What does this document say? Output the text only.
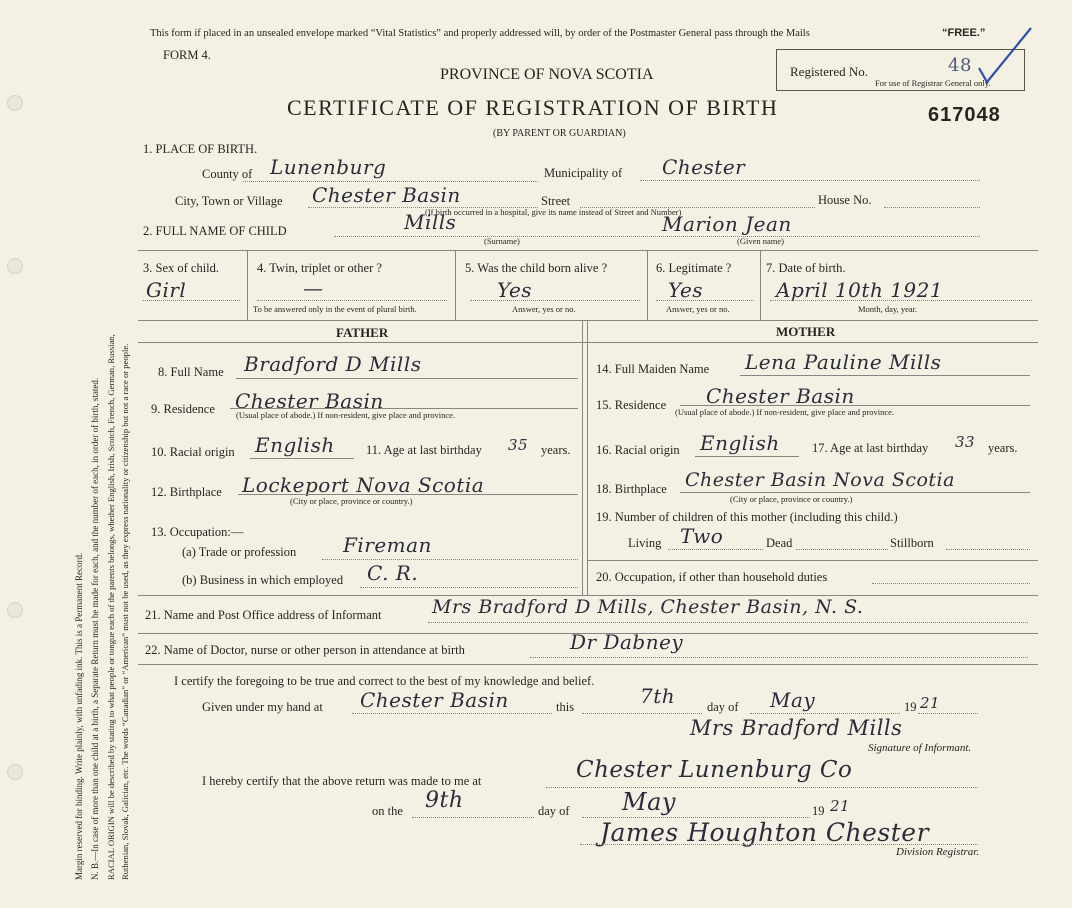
Margin reserved for binding. Write plainly, with unfading ink. This is a Permanent Record. N. B.—In case of more than one child at a birth, a Separate Return must be made for each, and the number of each, in order of birth, stated. RACIAL ORIGIN will be described by stating to what people or tongue each of the parents belongs, whether English, Irish, Scotch, French, German, Russian, Ruthenian, Slovak, Galician, etc. The words “Canadian” or “American” must not be used, as they express nationality or citizenship but not a race or people.
This form if placed in an unsealed envelope marked “Vital Statistics” and properly addressed will, by order of the Postmaster General pass through the Mails	“FREE.”
FORM 4.
PROVINCE OF NOVA SCOTIA
CERTIFICATE OF REGISTRATION OF BIRTH
(BY PARENT OR GUARDIAN)
Registered No.	48
For use of Registrar General only.
617048
1. PLACE OF BIRTH.
County of Lunenburg	Municipality of Chester
City, Town or Village Chester Basin	Street	House No.
(If birth occurred in a hospital, give its name instead of Street and Number)
2. FULL NAME OF CHILD	Mills
(Surname)
Marion Jean
(Given name)
3. Sex of child.
Girl
4. Twin, triplet or other ?
—
To be answered only in the event of plural birth.
5. Was the child born alive ?
Yes
Answer, yes or no.
6. Legitimate ?
Yes
Answer, yes or no.
7. Date of birth.
April 10th 1921
Month, day, year.
FATHER	MOTHER
8. Full Name Bradford D Mills
9. Residence Chester Basin
(Usual place of abode.) If non-resident, give place and province.
10. Racial origin English	11. Age at last birthday 35 years.
12. Birthplace Lockeport Nova Scotia
(City or place, province or country.)
13. Occupation:—
(a) Trade or profession Fireman
(b) Business in which employed C. R.
14. Full Maiden Name Lena Pauline Mills
15. Residence Chester Basin
(Usual place of abode.) If non-resident, give place and province.
16. Racial origin English	17. Age at last birthday 33 years.
18. Birthplace Chester Basin Nova Scotia
(City or place, province or country.)
19. Number of children of this mother (including this child.)
Living Two	Dead	Stillborn
20. Occupation, if other than household duties
21. Name and Post Office address of Informant	Mrs Bradford D Mills, Chester Basin, N. S.
22. Name of Doctor, nurse or other person in attendance at birth	Dr Dabney
I certify the foregoing to be true and correct to the best of my knowledge and belief.
Given under my hand at Chester Basin	this	7th	day of May	19 21
Mrs Bradford Mills
Signature of Informant.
I hereby certify that the above return was made to me at	Chester Lunenburg Co
on the 9th	day of May	19 21
James Houghton Chester
Division Registrar.
